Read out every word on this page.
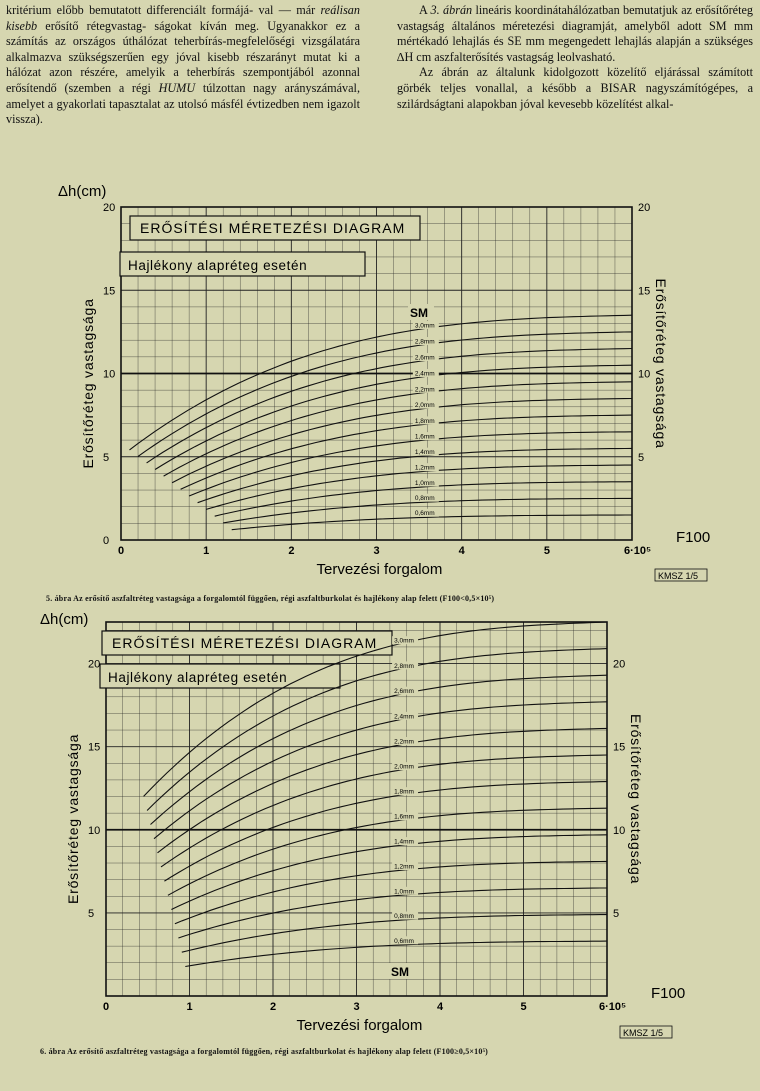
kritérium előbb bemutatott differenciált formájá- val — már reálisan kisebb erősítő rétegvastag- ságokat kíván meg. Ugyanakkor ez a számítás az országos úthálózat teherbírás-megfelelőségi vizsgálatára alkalmazva szükségszerűen egy jóval kisebb részarányt mutat ki a hálózat azon részére, amelyik a teherbírás szempontjából azonnal erősítendő (szemben a régi HUMU túlzottan nagy arányszámával, amelyet a gyakorlati tapasztalat az utolsó másfél évtizedben nem igazolt vissza).

A 3. ábrán lineáris koordinátahálózatban bemutatjuk az erősítőréteg vastagság általános méretezési diagramját, amelyből adott SM mm mértékadó lehajlás és SE mm megengedett lehajlás alapján a szükséges ∆H cm aszfalterősítés vastagság leolvasható.

Az ábrán az általunk kidolgozott közelítő eljárással számított görbék teljes vonallal, a később a BISAR nagyszámítógépes, a szilárdságtani alapokban jóval kevesebb közelítést alkal-

ERŐSÍTÉSI MÉRETEZÉSI DIAGRAM
Hajlékony alapréteg esetén
3,0mm
2,8mm
2,6mm
2,4mm
2,2mm
2,0mm
1,8mm
1,6mm
1,4mm
1,2mm
1,0mm
0,8mm
0,6mm
SM
0	1	2	3	4	5	6·10⁵
5	5
10	10
15	15
20	20
0
Δh(cm)
Tervezési forgalom
F100
Erősítőréteg vastagsága	Erősítőréteg vastagsága
KMSZ 1/5
5. ábra Az erősítő aszfaltréteg vastagsága a forgalomtól függően, régi aszfaltburkolat és hajlékony alap felett (F100<0,5×10⁵)
ERŐSÍTÉSI MÉRETEZÉSI DIAGRAM
Hajlékony alapréteg esetén
3,0mm
2,8mm
2,6mm
2,4mm
2,2mm
2,0mm
1,8mm
1,6mm
1,4mm
1,2mm
1,0mm
0,8mm
0,6mm
SM
0	1	2	3	4	5	6·10⁵
5	5
10	10
15	15
20	20
Δh(cm)
Tervezési forgalom
F100
Erősítőréteg vastagsága	Erősítőréteg vastagsága
KMSZ 1/5
6. ábra Az erősítő aszfaltréteg vastagsága a forgalomtól függően, régi aszfaltburkolat és hajlékony alap felett (F100≥0,5×10⁵)
